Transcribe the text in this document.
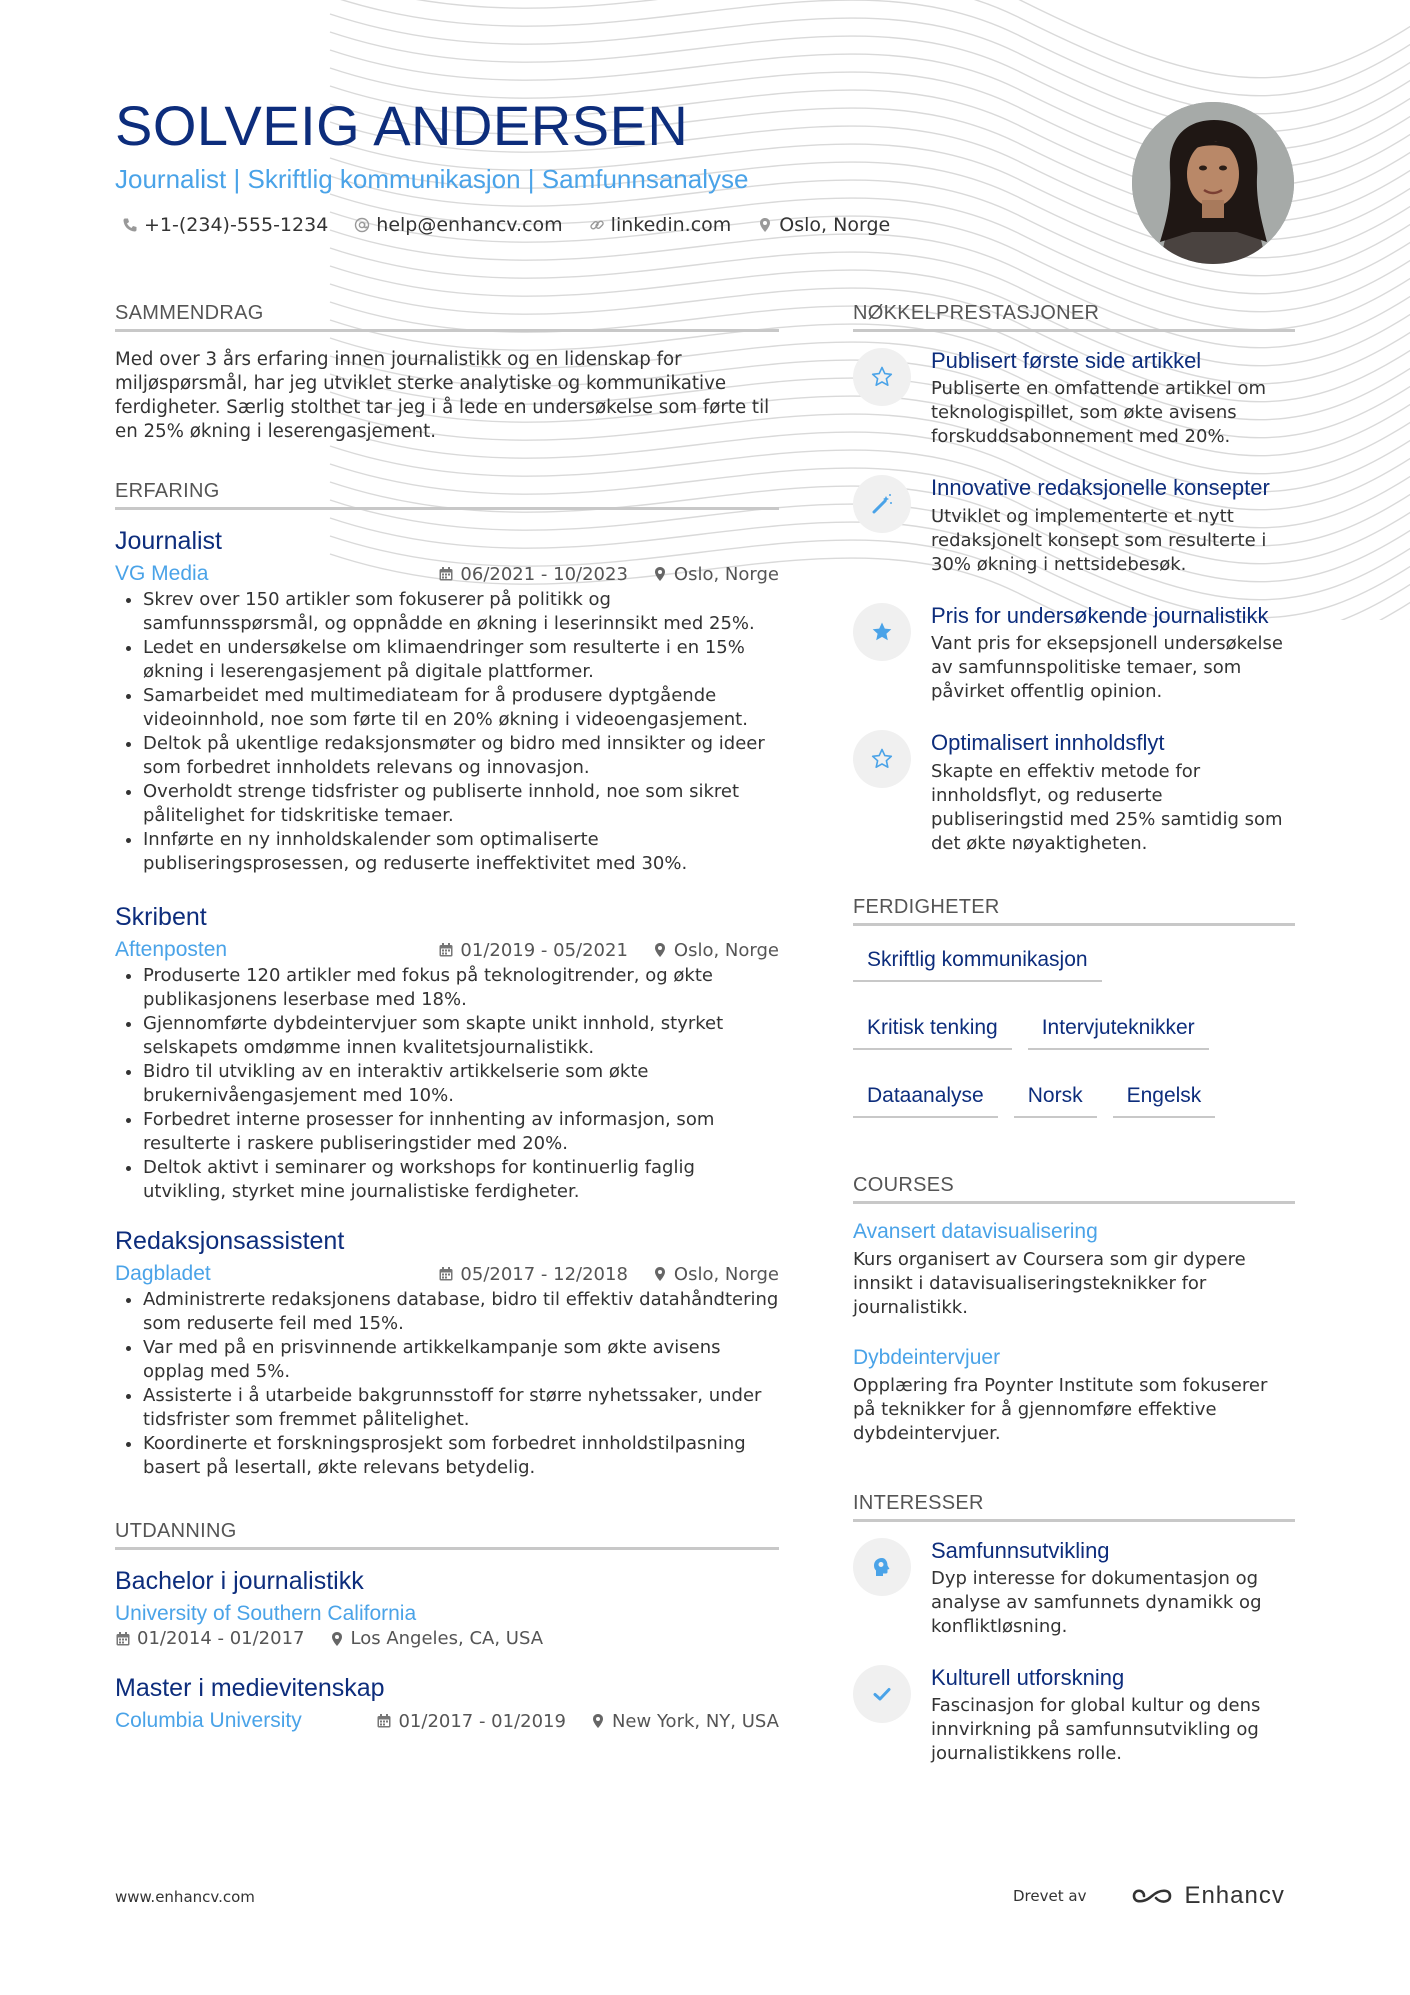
SOLVEIG ANDERSEN
Journalist | Skriftlig kommunikasjon | Samfunnsanalyse
+1-(234)-555-1234	help@enhancv.com	linkedin.com	Oslo, Norge
SAMMENDRAG

Med over 3 års erfaring innen journalistikk og en lidenskap for miljøspørsmål, har jeg utviklet sterke analytiske og kommunikative ferdigheter. Særlig stolthet tar jeg i å lede en undersøkelse som førte til en 25% økning i leserengasjement.

ERFARING
Journalist
VG Media	06/2021 - 10/2023	Oslo, Norge
• Skrev over 150 artikler som fokuserer på politikk og samfunnsspørsmål, og oppnådde en økning i leserinnsikt med 25%.
• Ledet en undersøkelse om klimaendringer som resulterte i en 15% økning i leserengasjement på digitale plattformer.
• Samarbeidet med multimediateam for å produsere dyptgående videoinnhold, noe som førte til en 20% økning i videoengasjement.
• Deltok på ukentlige redaksjonsmøter og bidro med innsikter og ideer som forbedret innholdets relevans og innovasjon.
• Overholdt strenge tidsfrister og publiserte innhold, noe som sikret pålitelighet for tidskritiske temaer.
• Innførte en ny innholdskalender som optimaliserte publiseringsprosessen, og reduserte ineffektivitet med 30%.
Skribent
Aftenposten	01/2019 - 05/2021	Oslo, Norge
• Produserte 120 artikler med fokus på teknologitrender, og økte publikasjonens leserbase med 18%.
• Gjennomførte dybdeintervjuer som skapte unikt innhold, styrket selskapets omdømme innen kvalitetsjournalistikk.
• Bidro til utvikling av en interaktiv artikkelserie som økte brukernivåengasjement med 10%.
• Forbedret interne prosesser for innhenting av informasjon, som resulterte i raskere publiseringstider med 20%.
• Deltok aktivt i seminarer og workshops for kontinuerlig faglig utvikling, styrket mine journalistiske ferdigheter.
Redaksjonsassistent
Dagbladet	05/2017 - 12/2018	Oslo, Norge
• Administrerte redaksjonens database, bidro til effektiv datahåndtering som reduserte feil med 15%.
• Var med på en prisvinnende artikkelkampanje som økte avisens opplag med 5%.
• Assisterte i å utarbeide bakgrunnsstoff for større nyhetssaker, under tidsfrister som fremmet pålitelighet.
• Koordinerte et forskningsprosjekt som forbedret innholdstilpasning basert på lesertall, økte relevans betydelig.
UTDANNING
Bachelor i journalistikk
University of Southern California
01/2014 - 01/2017	Los Angeles, CA, USA
Master i medievitenskap
Columbia University	01/2017 - 01/2019	New York, NY, USA
NØKKELPRESTASJONER
Publisert første side artikkel
Publiserte en omfattende artikkel om teknologispillet, som økte avisens forskuddsabonnement med 20%.
Innovative redaksjonelle konsepter
Utviklet og implementerte et nytt redaksjonelt konsept som resulterte i 30% økning i nettsidebesøk.
Pris for undersøkende journalistikk
Vant pris for eksepsjonell undersøkelse av samfunnspolitiske temaer, som påvirket offentlig opinion.
Optimalisert innholdsflyt
Skapte en effektiv metode for innholdsflyt, og reduserte publiseringstid med 25% samtidig som det økte nøyaktigheten.
FERDIGHETER
Skriftlig kommunikasjon
Kritisk tenking	Intervjuteknikker
Dataanalyse	Norsk	Engelsk
COURSES
Avansert datavisualisering
Kurs organisert av Coursera som gir dypere innsikt i datavisualiseringsteknikker for journalistikk.
Dybdeintervjuer
Opplæring fra Poynter Institute som fokuserer på teknikker for å gjennomføre effektive dybdeintervjuer.
INTERESSER
Samfunnsutvikling
Dyp interesse for dokumentasjon og analyse av samfunnets dynamikk og konfliktløsning.
Kulturell utforskning
Fascinasjon for global kultur og dens innvirkning på samfunnsutvikling og journalistikkens rolle.
www.enhancv.com	Drevet av	Enhancv
